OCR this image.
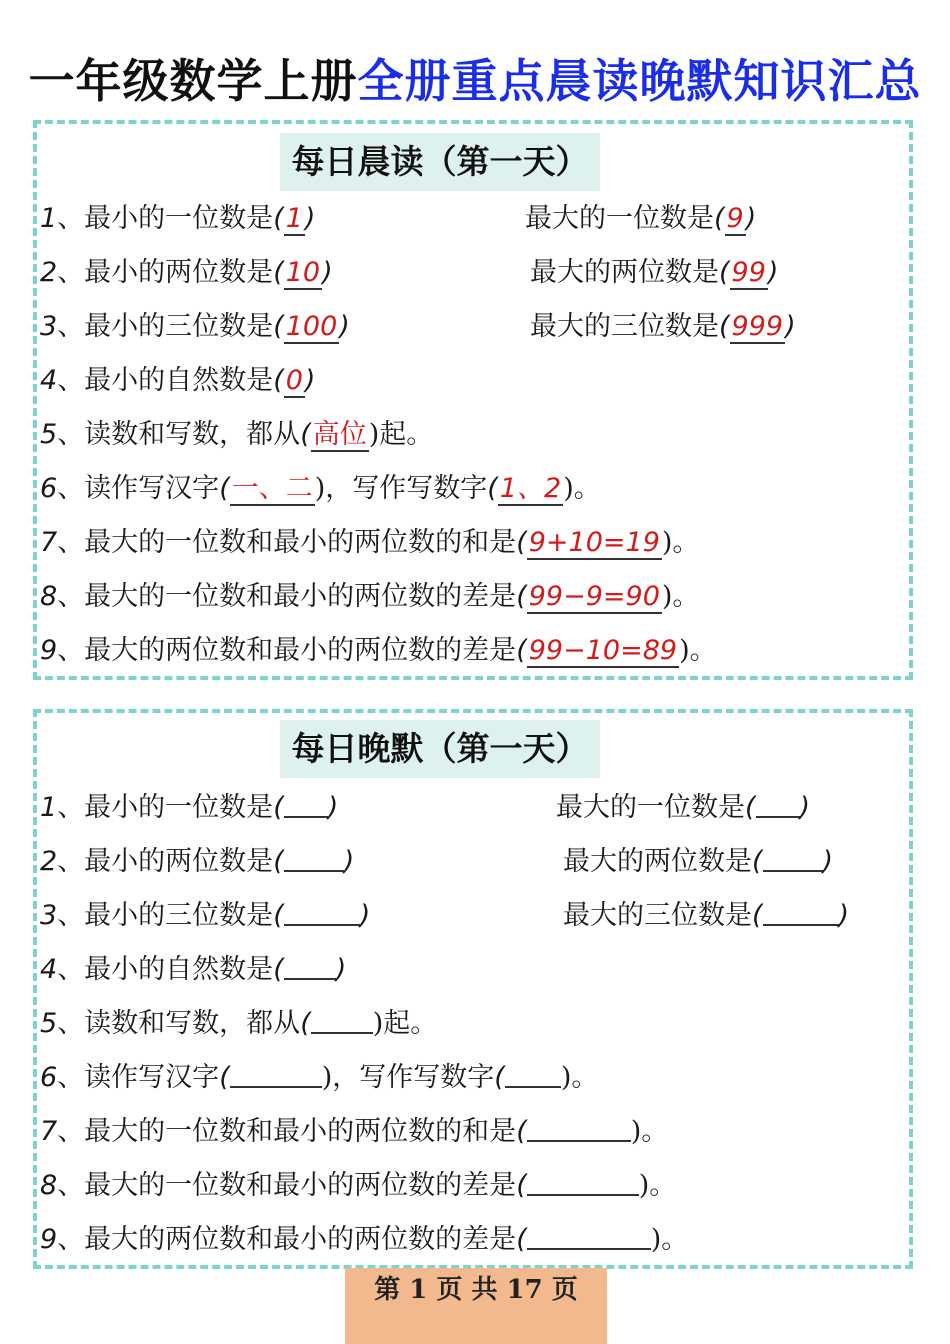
一年级数学上册全册重点晨读晚默知识汇总
每日晨读（第一天）
1、最小的一位数是(1)	最大的一位数是(9)
2、最小的两位数是(10)	最大的两位数是(99)
3、最小的三位数是(100)	最大的三位数是(999)
4、最小的自然数是(0)
5、读数和写数，都从(高位)起。
6、读作写汉字(一、二)，写作写数字(1、2)。
7、最大的一位数和最小的两位数的和是(9+10=19)。
8、最大的一位数和最小的两位数的差是(99−9=90)。
9、最大的两位数和最小的两位数的差是(99−10=89)。
每日晚默（第一天）
1、最小的一位数是( )	最大的一位数是( )
2、最小的两位数是( )	最大的两位数是( )
3、最小的三位数是(	)	最大的三位数是(	)
4、最小的自然数是( )
5、读数和写数，都从( )起。
6、读作写汉字(	)，写作写数字( )。
7、最大的一位数和最小的两位数的和是(	)。
8、最大的一位数和最小的两位数的差是(	)。
9、最大的两位数和最小的两位数的差是(	)。
第 1 页 共 17 页
